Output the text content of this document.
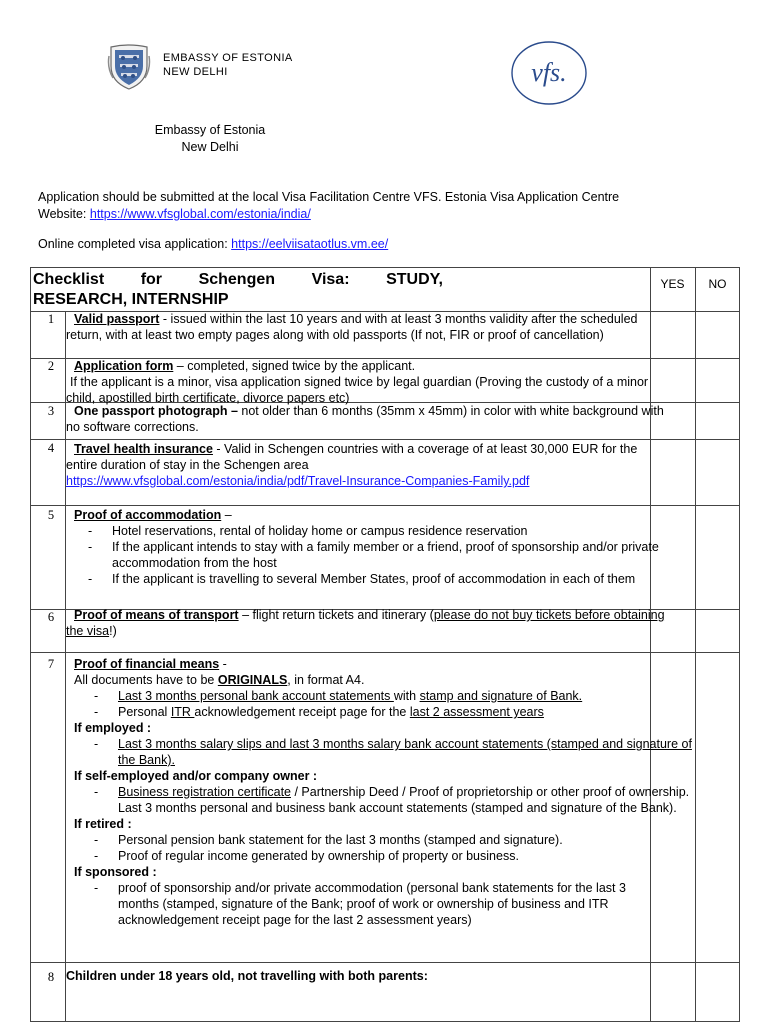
EMBASSY OF ESTONIA
NEW DELHI	vfs.
Embassy of Estonia
New Delhi
Application should be submitted at the local Visa Facilitation Centre VFS. Estonia Visa Application Centre
Website: https://www.vfsglobal.com/estonia/india/
Online completed visa application: https://eelviisataotlus.vm.ee/
Checklist for Schengen Visa: STUDY,
RESEARCH, INTERNSHIP
YES	NO
1	Valid passport - issued within the last 10 years and with at least 3 months validity after the scheduled return, with at least two empty pages along with old passports (If not, FIR or proof of cancellation)
2	Application form – completed, signed twice by the applicant.
If the applicant is a minor, visa application signed twice by legal guardian (Proving the custody of a minor child, apostilled birth certificate, divorce papers etc)
3	One passport photograph – not older than 6 months (35mm x 45mm) in color with white background with no software corrections.
4	Travel health insurance - Valid in Schengen countries with a coverage of at least 30,000 EUR for the entire duration of stay in the Schengen area
https://www.vfsglobal.com/estonia/india/pdf/Travel-Insurance-Companies-Family.pdf
5	Proof of accommodation –
- Hotel reservations, rental of holiday home or campus residence reservation
- If the applicant intends to stay with a family member or a friend, proof of sponsorship and/or private accommodation from the host
- If the applicant is travelling to several Member States, proof of accommodation in each of them
6	Proof of means of transport – flight return tickets and itinerary (please do not buy tickets before obtaining the visa!)
7	Proof of financial means -
All documents have to be ORIGINALS, in format A4.
- Last 3 months personal bank account statements with stamp and signature of Bank.
- Personal ITR acknowledgement receipt page for the last 2 assessment years
If employed :
- Last 3 months salary slips and last 3 months salary bank account statements (stamped and signature of the Bank).
If self-employed and/or company owner :
- Business registration certificate / Partnership Deed / Proof of proprietorship or other proof of ownership. Last 3 months personal and business bank account statements (stamped and signature of the Bank).
If retired :
- Personal pension bank statement for the last 3 months (stamped and signature).
- Proof of regular income generated by ownership of property or business.
If sponsored :
- proof of sponsorship and/or private accommodation (personal bank statements for the last 3 months (stamped, signature of the Bank; proof of work or ownership of business and ITR acknowledgement receipt page for the last 2 assessment years)
8 Children under 18 years old, not travelling with both parents:
